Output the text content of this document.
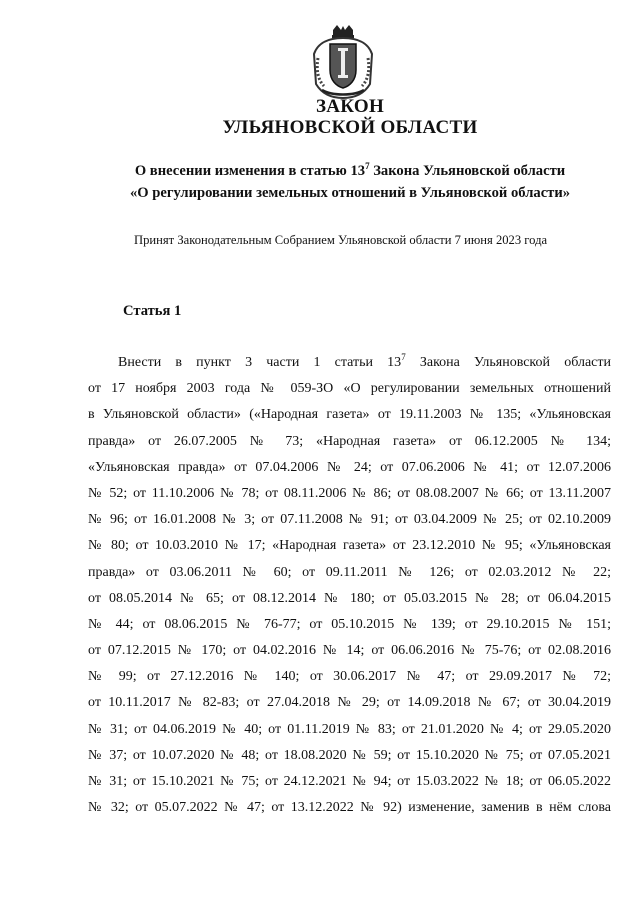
ЗАКОН
УЛЬЯНОВСКОЙ ОБЛАСТИ
О внесении изменения в статью $13^7$ Закона Ульяновской области
«О регулировании земельных отношений в Ульяновской области»
Принят Законодательным Собранием Ульяновской области 7 июня 2023 года
Статья 1
Внести в пункт 3 части 1 статьи $13^7$ Закона Ульяновской области
от 17 ноября 2003 года № 059-ЗО «О регулировании земельных отношений
в Ульяновской области» («Народная газета» от 19.11.2003 № 135; «Ульяновская
правда» от 26.07.2005 № 73; «Народная газета» от 06.12.2005 № 134;
«Ульяновская правда» от 07.04.2006 № 24; от 07.06.2006 № 41; от 12.07.2006
№ 52; от 11.10.2006 № 78; от 08.11.2006 № 86; от 08.08.2007 № 66; от 13.11.2007
№ 96; от 16.01.2008 № 3; от 07.11.2008 № 91; от 03.04.2009 № 25; от 02.10.2009
№ 80; от 10.03.2010 № 17; «Народная газета» от 23.12.2010 № 95; «Ульяновская
правда» от 03.06.2011 № 60; от 09.11.2011 № 126; от 02.03.2012 № 22;
от 08.05.2014 № 65; от 08.12.2014 № 180; от 05.03.2015 № 28; от 06.04.2015
№ 44; от 08.06.2015 № 76-77; от 05.10.2015 № 139; от 29.10.2015 № 151;
от 07.12.2015 № 170; от 04.02.2016 № 14; от 06.06.2016 № 75-76; от 02.08.2016
№ 99; от 27.12.2016 № 140; от 30.06.2017 № 47; от 29.09.2017 № 72;
от 10.11.2017 № 82-83; от 27.04.2018 № 29; от 14.09.2018 № 67; от 30.04.2019
№ 31; от 04.06.2019 № 40; от 01.11.2019 № 83; от 21.01.2020 № 4; от 29.05.2020
№ 37; от 10.07.2020 № 48; от 18.08.2020 № 59; от 15.10.2020 № 75; от 07.05.2021
№ 31; от 15.10.2021 № 75; от 24.12.2021 № 94; от 15.03.2022 № 18; от 06.05.2022
№ 32; от 05.07.2022 № 47; от 13.12.2022 № 92) изменение, заменив в нём слова
